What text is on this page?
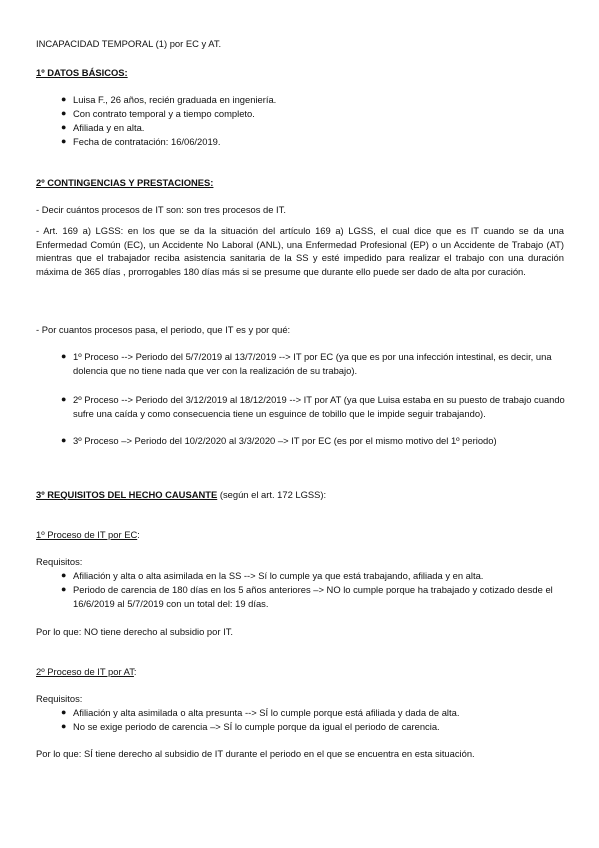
INCAPACIDAD TEMPORAL (1) por EC y AT.
1º DATOS BÁSICOS:
● Luisa F., 26 años, recién graduada en ingeniería.
● Con contrato temporal y a tiempo completo.
● Afiliada y en alta.
● Fecha de contratación: 16/06/2019.
2º CONTINGENCIAS Y PRESTACIONES:
- Decir cuántos procesos de IT son: son tres procesos de IT.
- Art. 169 a) LGSS: en los que se da la situación del artículo 169 a) LGSS, el cual dice que es IT cuando se da una Enfermedad Común (EC), un Accidente No Laboral (ANL), una Enfermedad Profesional (EP) o un Accidente de Trabajo (AT) mientras que el trabajador reciba asistencia sanitaria de la SS y esté impedido para realizar el trabajo con una duración máxima de 365 días , prorrogables 180 días más si se presume que durante ello puede ser dado de alta por curación.
- Por cuantos procesos pasa, el periodo, que IT es y por qué:
● 1º Proceso --> Periodo del 5/7/2019 al 13/7/2019 --> IT por EC (ya que es por una infección intestinal, es decir, una dolencia que no tiene nada que ver con la realización de su trabajo).
● 2º Proceso --> Periodo del 3/12/2019 al 18/12/2019 --> IT por AT (ya que Luisa estaba en su puesto de trabajo cuando sufre una caída y como consecuencia tiene un esguince de tobillo que le impide seguir trabajando).
● 3º Proceso –> Periodo del 10/2/2020 al 3/3/2020 –> IT por EC (es por el mismo motivo del 1º periodo)
3º REQUISITOS DEL HECHO CAUSANTE (según el art. 172 LGSS):
1º Proceso de IT por EC:
Requisitos:
● Afiliación y alta o alta asimilada en la SS --> Sí lo cumple ya que está trabajando, afiliada y en alta.
● Periodo de carencia de 180 días en los 5 años anteriores –> NO lo cumple porque ha trabajado y cotizado desde el 16/6/2019 al 5/7/2019 con un total del: 19 días.
Por lo que: NO tiene derecho al subsidio por IT.
2º Proceso de IT por AT:
Requisitos:
● Afiliación y alta asimilada o alta presunta --> SÍ lo cumple porque está afiliada y dada de alta.
● No se exige periodo de carencia –> SÍ lo cumple porque da igual el periodo de carencia.
Por lo que: SÍ tiene derecho al subsidio de IT durante el periodo en el que se encuentra en esta situación.
